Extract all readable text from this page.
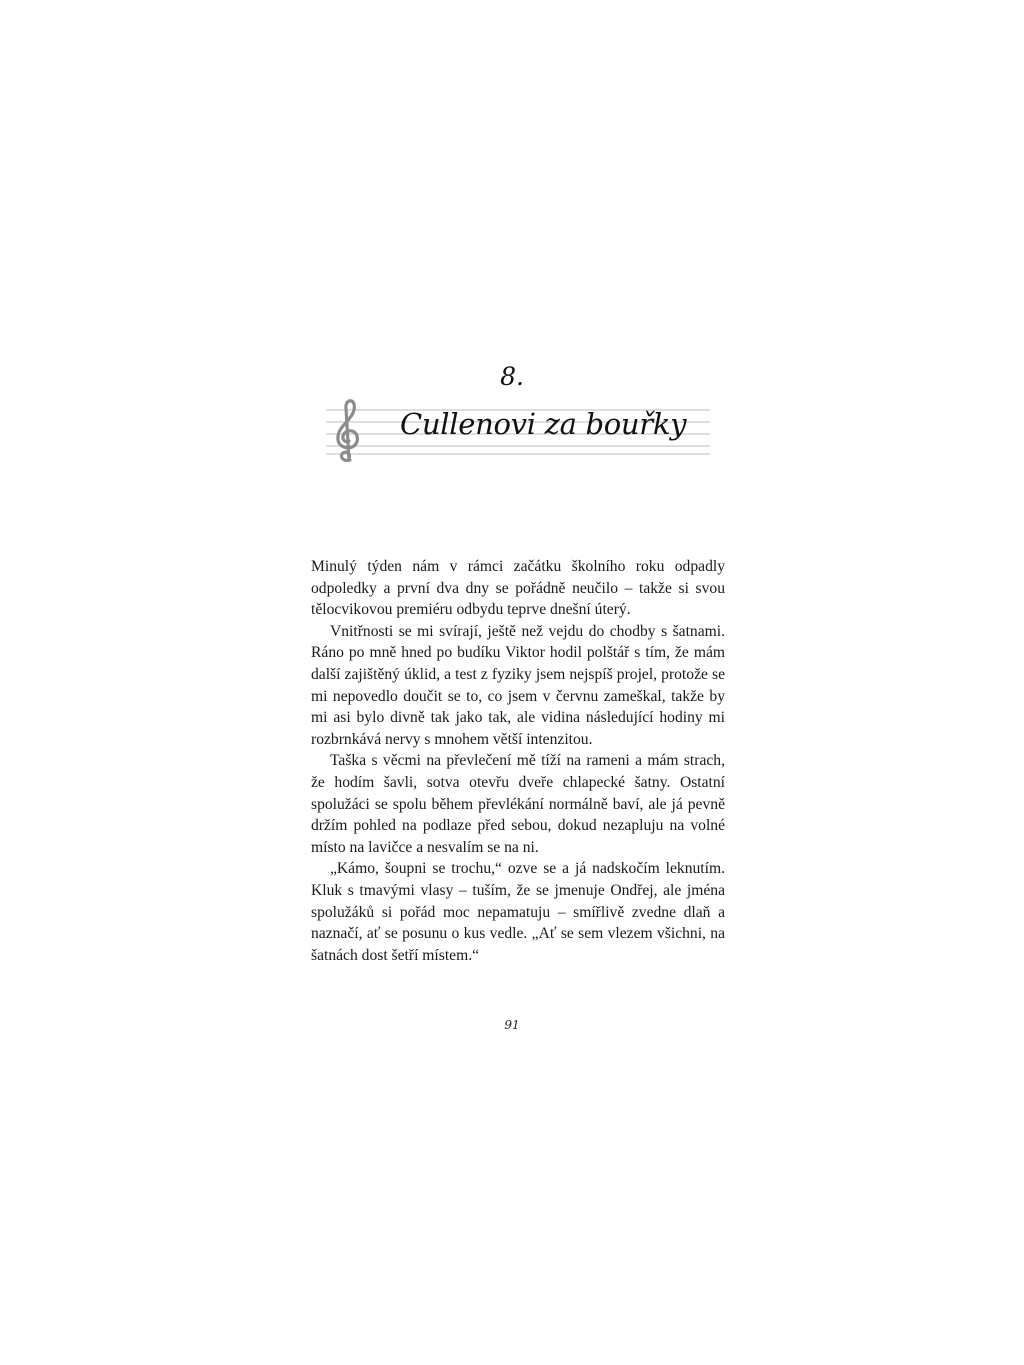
8.
Cullenovi za bouřky

Minulý týden nám v rámci začátku školního roku odpadly odpoledky a první dva dny se pořádně neučilo – takže si svou tělocvikovou premiéru odbydu teprve dnešní úterý.

Vnitřnosti se mi svírají, ještě než vejdu do chodby s šatnami. Ráno po mně hned po budíku Viktor hodil polštář s tím, že mám další zajištěný úklid, a test z fyziky jsem nejspíš projel, protože se mi nepovedlo doučit se to, co jsem v červnu zameškal, takže by mi asi bylo divně tak jako tak, ale vidina následující hodiny mi rozbrnkává nervy s mnohem větší intenzitou.

Taška s věcmi na převlečení mě tíží na rameni a mám strach, že hodím šavli, sotva otevřu dveře chlapecké šatny. Ostatní spolužáci se spolu během převlékání normálně baví, ale já pevně držím pohled na podlaze před sebou, dokud nezapluju na volné místo na lavičce a nesvalím se na ni.

„Kámo, šoupni se trochu,“ ozve se a já nadskočím leknutím. Kluk s tmavými vlasy – tuším, že se jmenuje Ondřej, ale jména spolužáků si pořád moc nepamatuju – smířlivě zvedne dlaň a naznačí, ať se posunu o kus vedle. „Ať se sem vlezem všichni, na šatnách dost šetří místem.“

91
